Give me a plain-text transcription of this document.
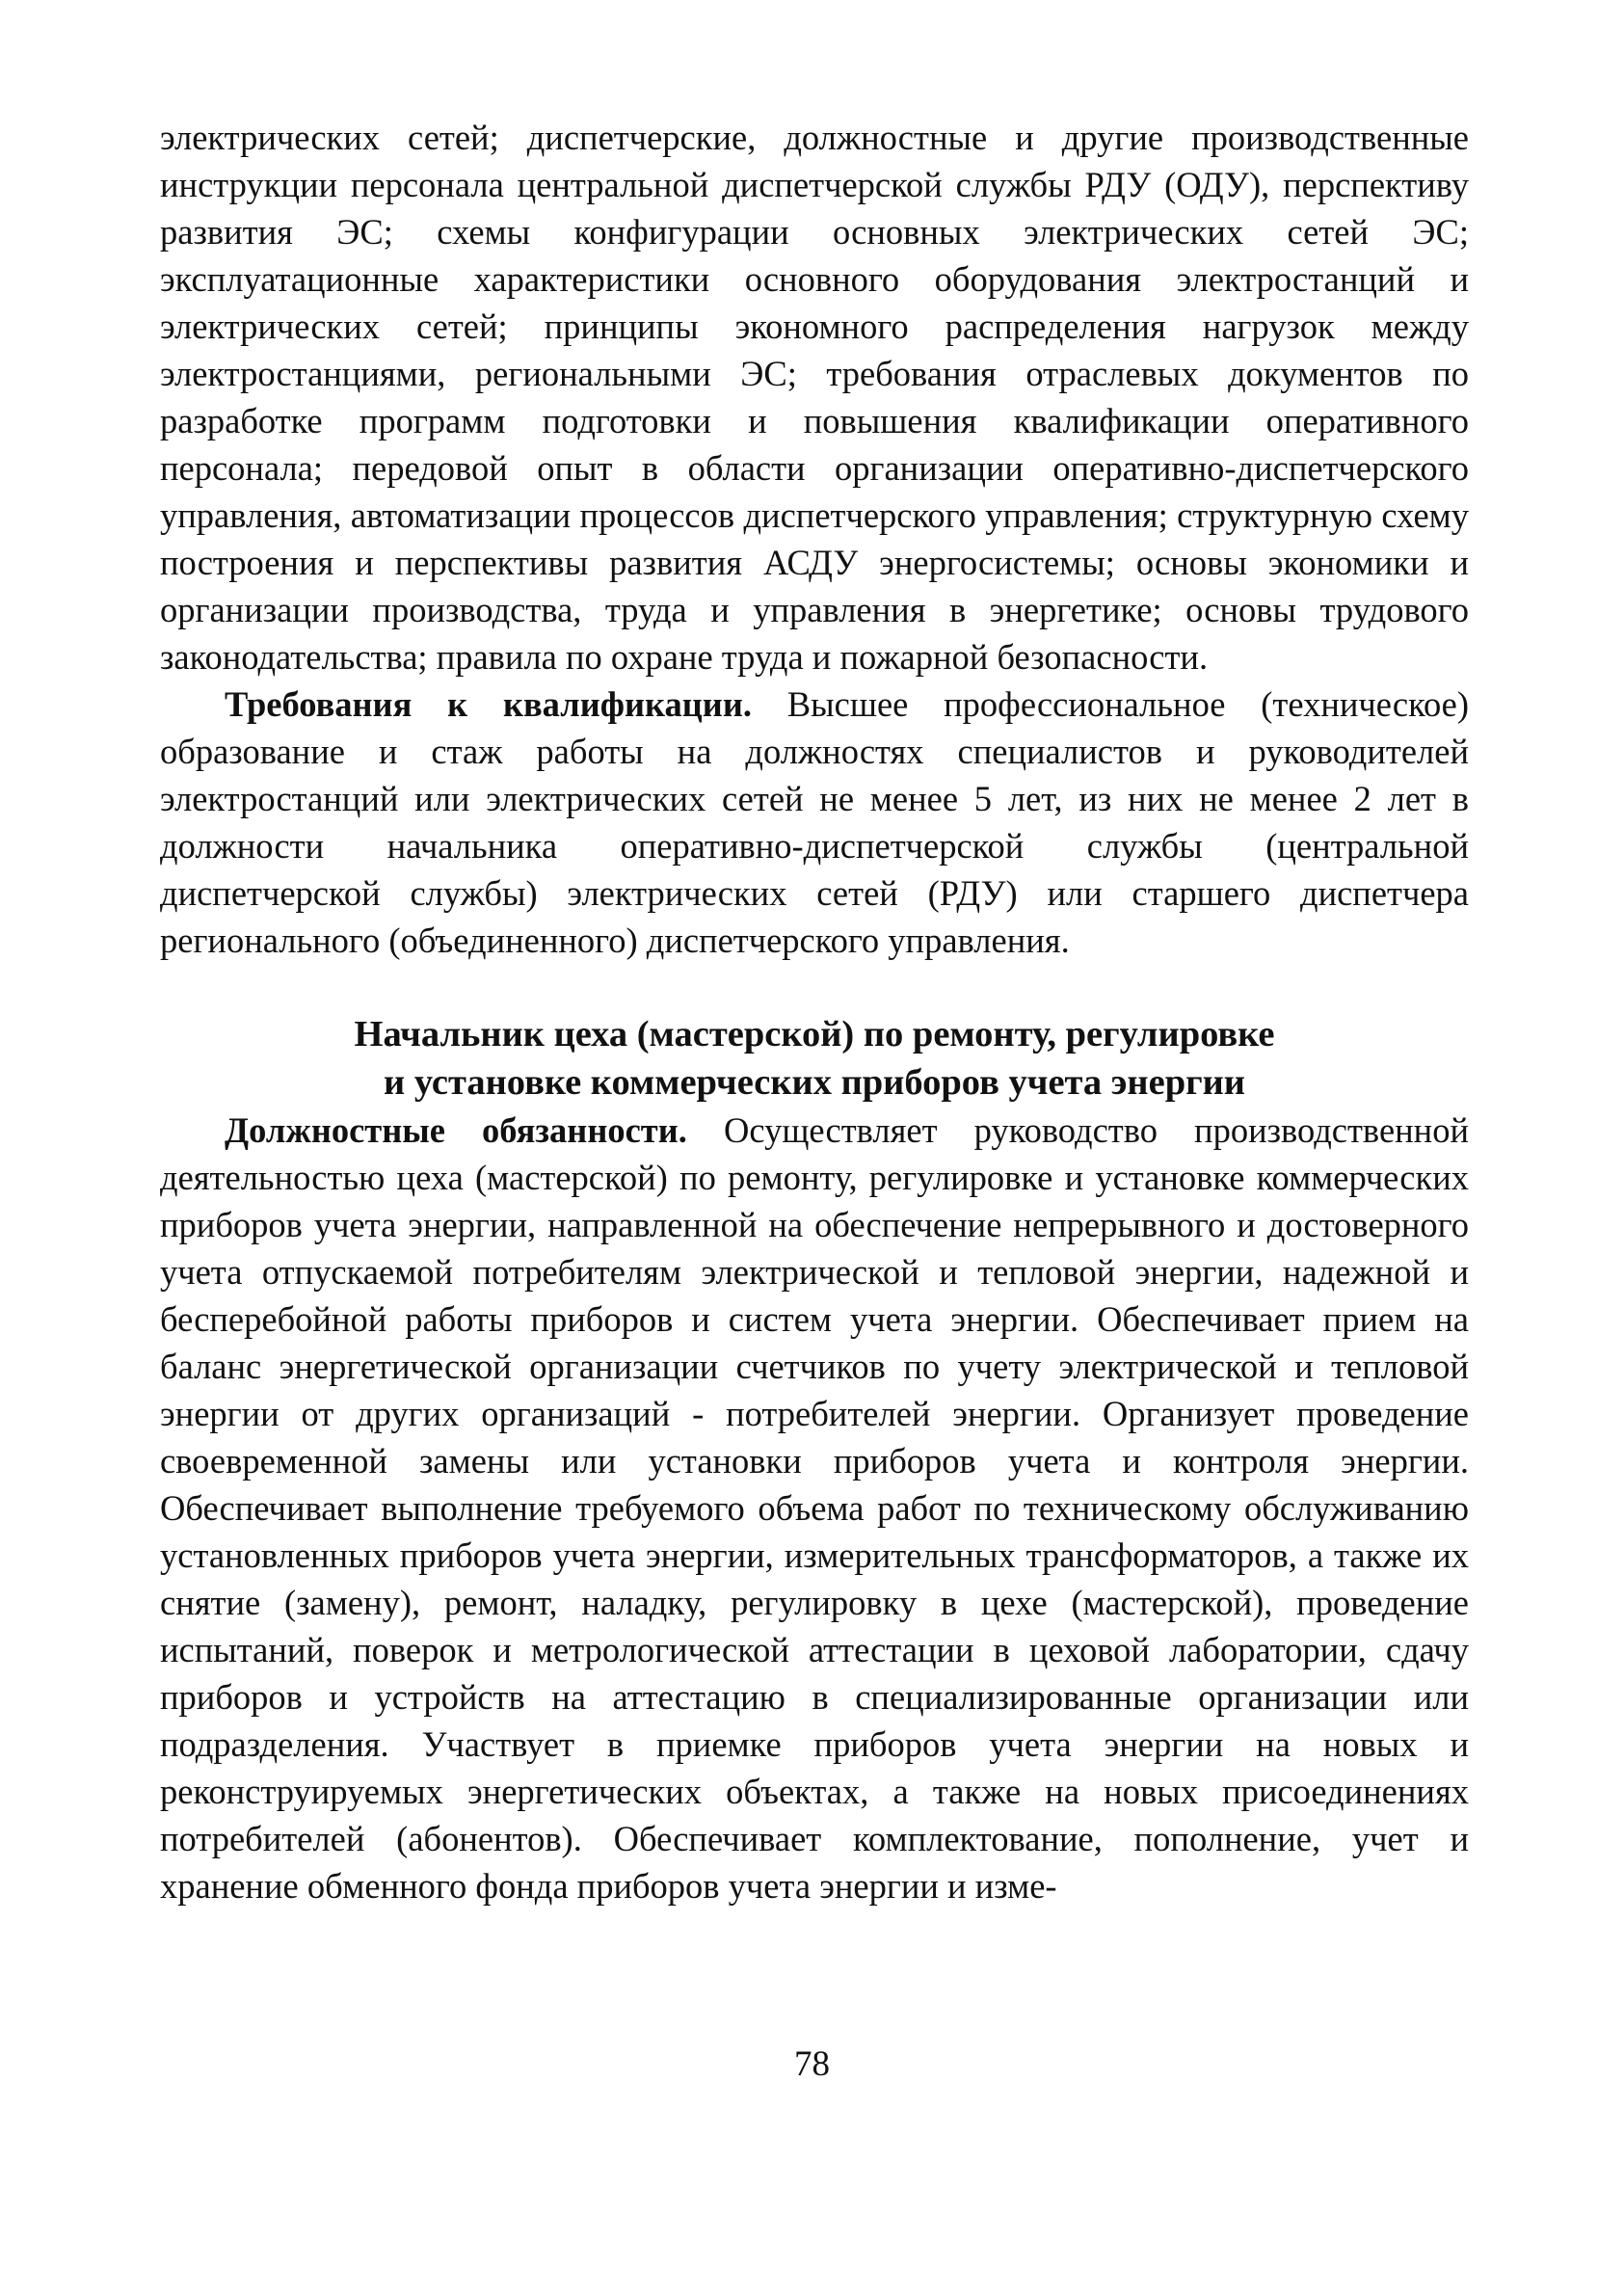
электрических сетей; диспетчерские, должностные и другие производственные инструкции персонала центральной диспетчерской службы РДУ (ОДУ), перспективу развития ЭС; схемы конфигурации основных электрических сетей ЭС; эксплуатационные характеристики основного оборудования электростанций и электрических сетей; принципы экономного распределения нагрузок между электростанциями, региональными ЭС; требования отраслевых документов по разработке программ подготовки и повышения квалификации оперативного персонала; передовой опыт в области организации оперативно-диспетчерского управления, автоматизации процессов диспетчерского управления; структурную схему построения и перспективы развития АСДУ энергосистемы; основы экономики и организации производства, труда и управления в энергетике; основы трудового законодательства; правила по охране труда и пожарной безопасности.

Требования к квалификации. Высшее профессиональное (техническое) образование и стаж работы на должностях специалистов и руководителей электростанций или электрических сетей не менее 5 лет, из них не менее 2 лет в должности начальника оперативно-диспетчерской службы (центральной диспетчерской службы) электрических сетей (РДУ) или старшего диспетчера регионального (объединенного) диспетчерского управления.

Начальник цеха (мастерской) по ремонту, регулировке
и установке коммерческих приборов учета энергии

Должностные обязанности. Осуществляет руководство производственной деятельностью цеха (мастерской) по ремонту, регулировке и установке коммерческих приборов учета энергии, направленной на обеспечение непрерывного и достоверного учета отпускаемой потребителям электрической и тепловой энергии, надежной и бесперебойной работы приборов и систем учета энергии. Обеспечивает прием на баланс энергетической организации счетчиков по учету электрической и тепловой энергии от других организаций - потребителей энергии. Организует проведение своевременной замены или установки приборов учета и контроля энергии. Обеспечивает выполнение требуемого объема работ по техническому обслуживанию установленных приборов учета энергии, измерительных трансформаторов, а также их снятие (замену), ремонт, наладку, регулировку в цехе (мастерской), проведение испытаний, поверок и метрологической аттестации в цеховой лаборатории, сдачу приборов и устройств на аттестацию в специализированные организации или подразделения. Участвует в приемке приборов учета энергии на новых и реконструируемых энергетических объектах, а также на новых присоединениях потребителей (абонентов). Обеспечивает комплектование, пополнение, учет и хранение обменного фонда приборов учета энергии и изме-

78
